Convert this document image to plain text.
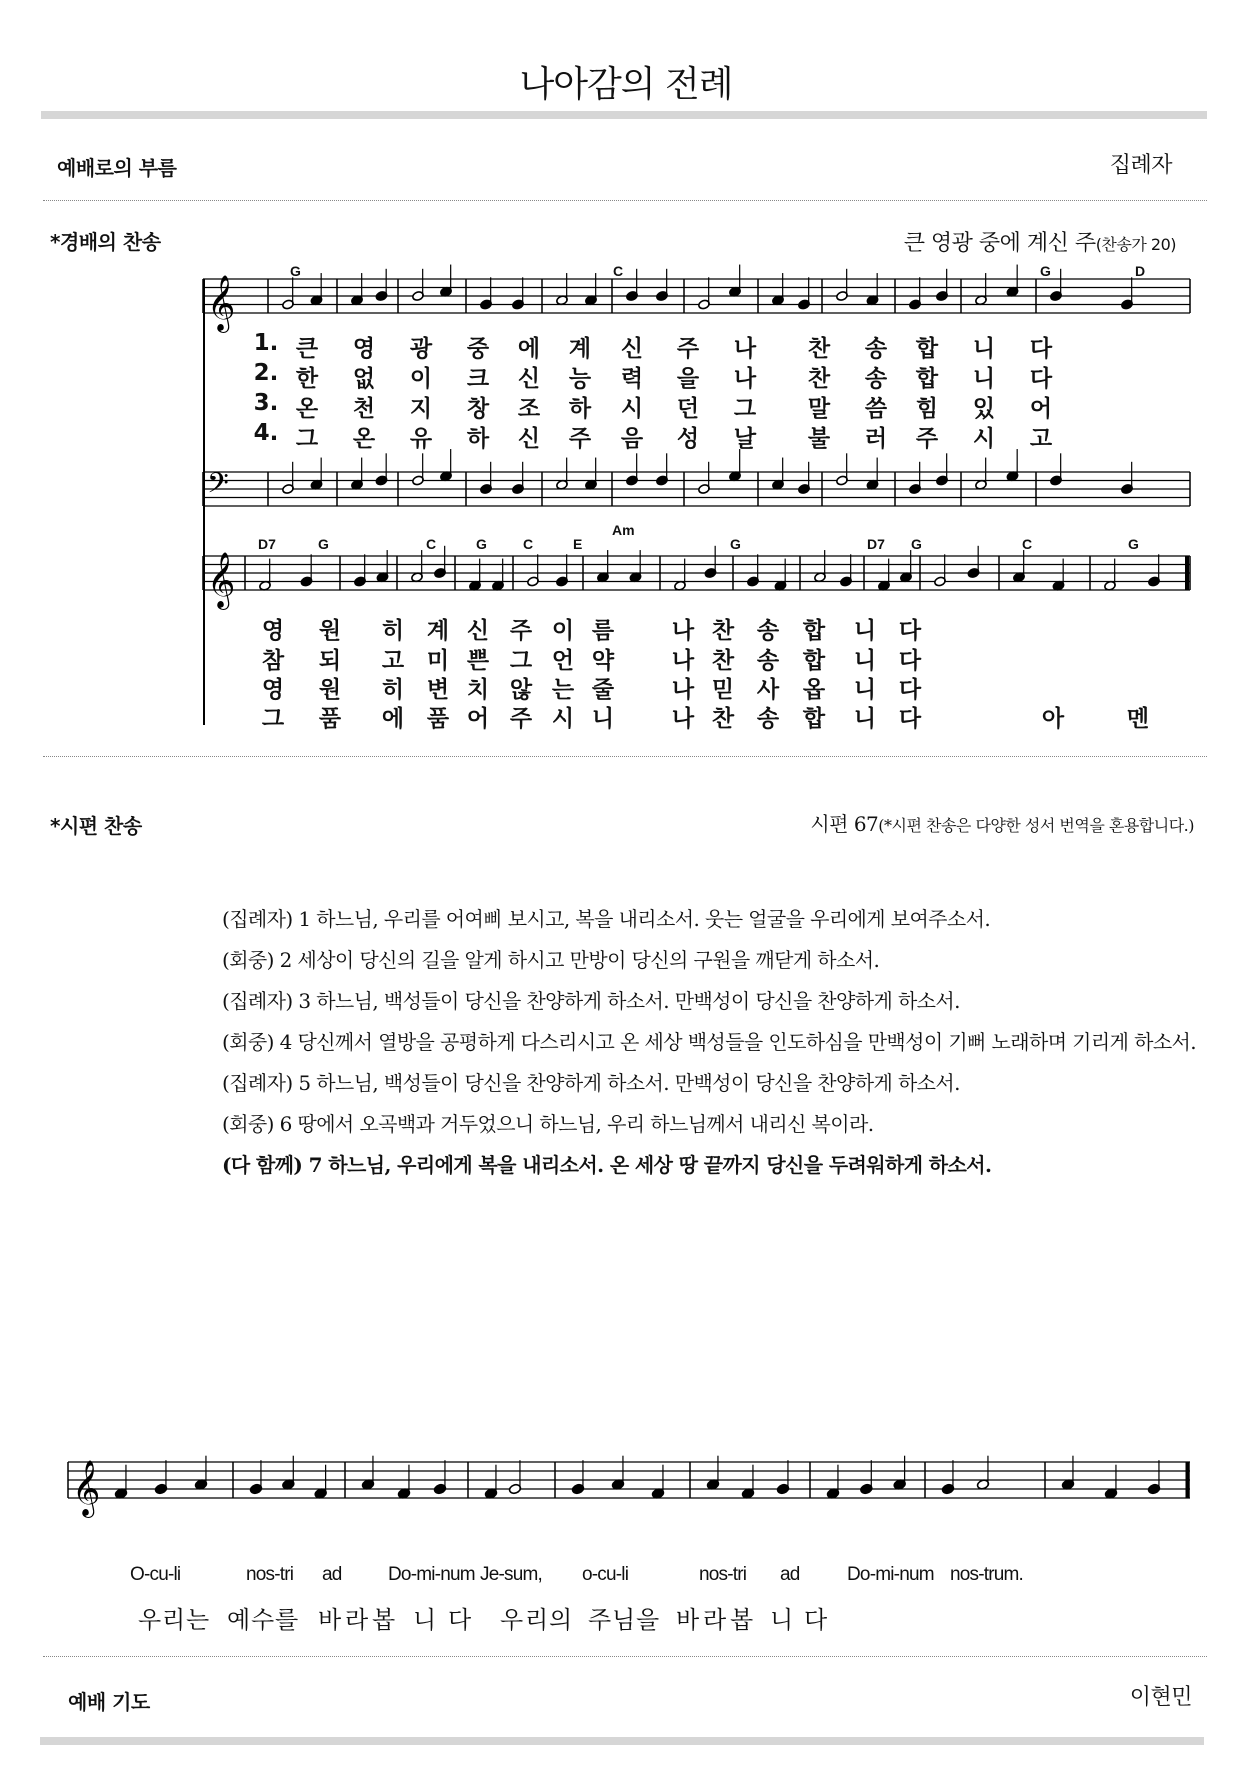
나아감의 전례
예배로의 부름	집례자
*경배의 찬송	큰 영광 중에 계신 주(찬송가 20)
𝄞
𝄢
𝄞
G	C	G	D
D7	G	C	G	C	E
Am
G	D7 G	C	G
1. 큰 영 광 중 에 계 신 주 나 찬 송 합 니 다
2. 한 없 이 크 신 능 력 을 나 찬 송 합 니 다
3. 온 천 지 창 조 하 시 던 그 말 씀 힘 있 어
4. 그 온 유 하 신 주 음 성 날 불 러 주 시 고
영 원 히 계 신 주 이 름	나 찬 송 합 니 다
참 되 고 미 쁜 그 언 약	나 찬 송 합 니 다
영 원 히 변 치 않 는 줄	나 믿 사 옵 니 다
그 품 에 품 어 주 시 니	나 찬 송 합 니 다	아	멘
*시편 찬송	시편 67(*시편 찬송은 다양한 성서 번역을 혼용합니다.)

(집례자) 1 하느님, 우리를 어여삐 보시고, 복을 내리소서. 웃는 얼굴을 우리에게 보여주소서.

(회중) 2 세상이 당신의 길을 알게 하시고 만방이 당신의 구원을 깨닫게 하소서.

(집례자) 3 하느님, 백성들이 당신을 찬양하게 하소서. 만백성이 당신을 찬양하게 하소서.

(회중) 4 당신께서 열방을 공평하게 다스리시고 온 세상 백성들을 인도하심을 만백성이 기뻐 노래하며 기리게 하소서.

(집례자) 5 하느님, 백성들이 당신을 찬양하게 하소서. 만백성이 당신을 찬양하게 하소서.

(회중) 6 땅에서 오곡백과 거두었으니 하느님, 우리 하느님께서 내리신 복이라.

(다 함께) 7 하느님, 우리에게 복을 내리소서. 온 세상 땅 끝까지 당신을 두려워하게 하소서.

𝄞
O-cu-li	nos-tri ad Do-mi-num Je-sum, o-cu-li	nos-tri ad Do-mi-num nos-trum.
우 리 는 예 수 를 바 라 봅 니 다 우 리 의 주 님 을 바 라 봅 니 다
예배 기도	이현민
